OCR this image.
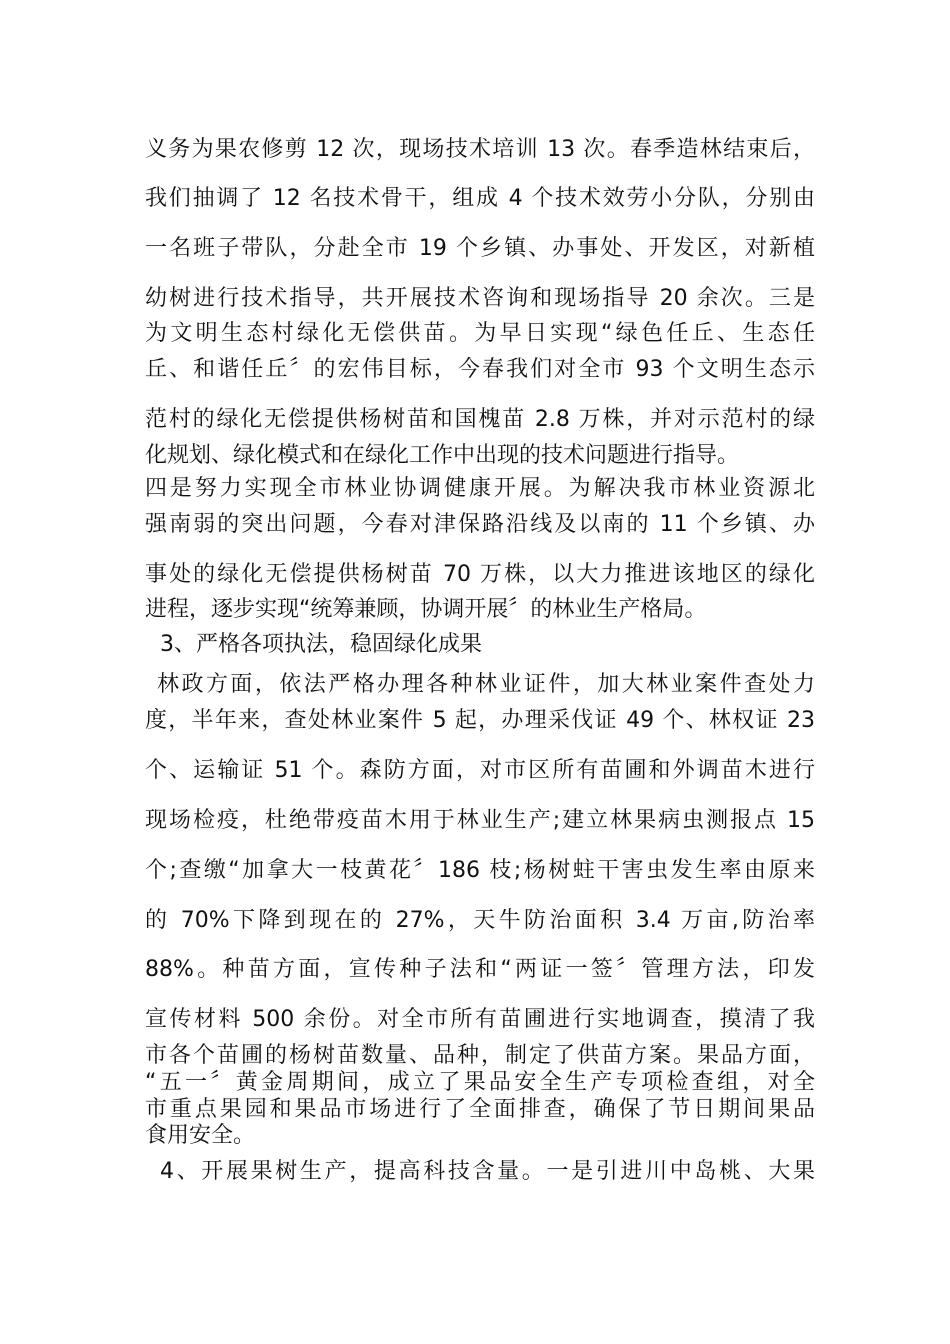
义务为果农修剪 12 次，现场技术培训 13 次。春季造林结束后，
我们抽调了 12 名技术骨干，组成 4 个技术效劳小分队，分别由
一名班子带队，分赴全市 19 个乡镇、办事处、开发区，对新植
幼树进行技术指导，共开展技术咨询和现场指导 20 余次。三是
为文明生态村绿化无偿供苗。为早日实现“绿色任丘、生态任
丘、和谐任丘〞的宏伟目标，今春我们对全市 93 个文明生态示
范村的绿化无偿提供杨树苗和国槐苗 2.8 万株，并对示范村的绿
化规划、绿化模式和在绿化工作中出现的技术问题进行指导。
四是努力实现全市林业协调健康开展。为解决我市林业资源北
强南弱的突出问题，今春对津保路沿线及以南的 11 个乡镇、办
事处的绿化无偿提供杨树苗 70 万株，以大力推进该地区的绿化
进程，逐步实现“统筹兼顾，协调开展〞的林业生产格局。
3、严格各项执法，稳固绿化成果
林政方面，依法严格办理各种林业证件，加大林业案件查处力
度，半年来，查处林业案件 5 起，办理采伐证 49 个、林权证 23
个、运输证 51 个。森防方面，对市区所有苗圃和外调苗木进行
现场检疫，杜绝带疫苗木用于林业生产;建立林果病虫测报点 15
个;查缴“加拿大一枝黄花〞186 枝;杨树蛀干害虫发生率由原来
的 70%下降到现在的 27%，天牛防治面积 3.4 万亩,防治率
88%。种苗方面，宣传种子法和“两证一签〞管理方法，印发
宣传材料 500 余份。对全市所有苗圃进行实地调查，摸清了我
市各个苗圃的杨树苗数量、品种，制定了供苗方案。果品方面，
“五一〞黄金周期间，成立了果品安全生产专项检查组，对全
市重点果园和果品市场进行了全面排查，确保了节日期间果品
食用安全。
4、开展果树生产，提高科技含量。一是引进川中岛桃、大果
